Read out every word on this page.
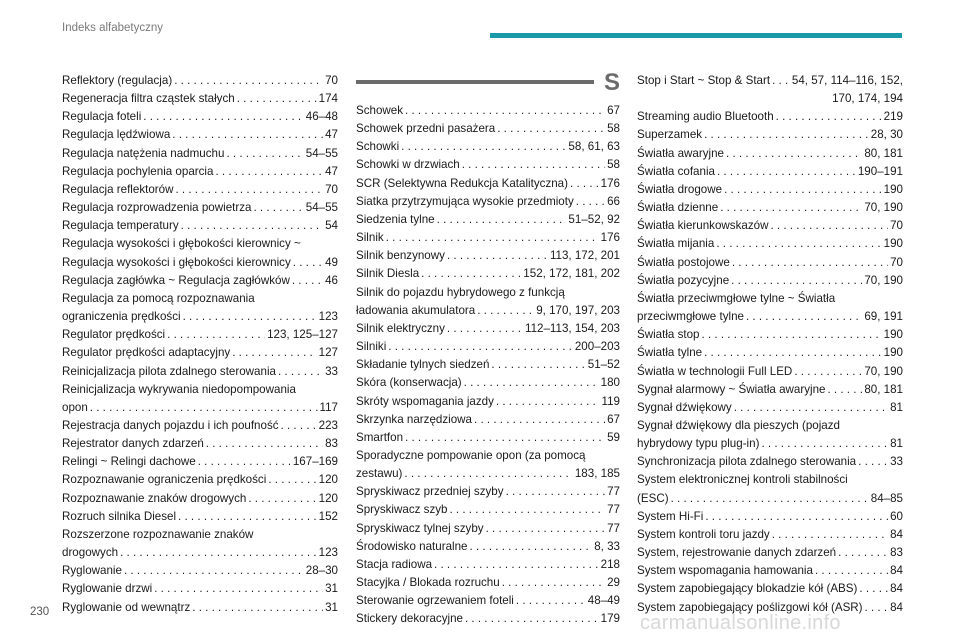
Indeks alfabetyczny
Reflektory (regulacja) . . .	70
Regeneracja filtra cząstek stałych . . .	174
Regulacja foteli . . .	46–48
Regulacja lędźwiowa . . .	47
Regulacja natężenia nadmuchu . . .	54–55
Regulacja pochylenia oparcia . . .	47
Regulacja reflektorów . . .	70
Regulacja rozprowadzenia powietrza . . .	54–55
Regulacja temperatury . . .	54
Regulacja wysokości i głębokości kierownicy ~
Regulacja wysokości i głębokości kierownicy . . .	49
Regulacja zagłówka ~ Regulacja zagłówków . . .	46
Regulacja za pomocą rozpoznawania
ograniczenia prędkości . . .	123
Regulator prędkości . . .	123, 125–127
Regulator prędkości adaptacyjny . . .	127
Reinicjalizacja pilota zdalnego sterowania . . .	33
Reinicjalizacja wykrywania niedopompowania
opon . . .	117
Rejestracja danych pojazdu i ich poufność . . .	223
Rejestrator danych zdarzeń . . .	83
Relingi ~ Relingi dachowe . . .	167–169
Rozpoznawanie ograniczenia prędkości . . .	120
Rozpoznawanie znaków drogowych . . .	120
Rozruch silnika Diesel . . .	152
Rozszerzone rozpoznawanie znaków
drogowych . . .	123
Ryglowanie . . .	28–30
Ryglowanie drzwi . . .	31
Ryglowanie od wewnątrz . . .	31
S
Schowek . . .	67
Schowek przedni pasażera . . .	58
Schowki . . .	58, 61, 63
Schowki w drzwiach . . .	58
SCR (Selektywna Redukcja Katalityczna) . . .	176
Siatka przytrzymująca wysokie przedmioty . . .	66
Siedzenia tylne . . .	51–52, 92
Silnik . . .	176
Silnik benzynowy . . .	113, 172, 201
Silnik Diesla . . .	152, 172, 181, 202
Silnik do pojazdu hybrydowego z funkcją
ładowania akumulatora . . .	9, 170, 197, 203
Silnik elektryczny . . .	112–113, 154, 203
Silniki . . .	200–203
Składanie tylnych siedzeń . . .	51–52
Skóra (konserwacja) . . .	180
Skróty wspomagania jazdy . . .	119
Skrzynka narzędziowa . . .	67
Smartfon . . .	59
Sporadyczne pompowanie opon (za pomocą
zestawu) . . .	183, 185
Spryskiwacz przedniej szyby . . .	77
Spryskiwacz szyb . . .	77
Spryskiwacz tylnej szyby . . .	77
Środowisko naturalne . . .	8, 33
Stacja radiowa . . .	218
Stacyjka / Blokada rozruchu . . .	29
Sterowanie ogrzewaniem foteli . . .	48–49
Stickery dekoracyjne . . .	179
Stop i Start ~ Stop & Start . . . 54, 57, 114–116, 152,
170, 174, 194
Streaming audio Bluetooth . . .	219
Superzamek . . .	28, 30
Światła awaryjne . . .	80, 181
Światła cofania . . .	190–191
Światła drogowe . . .	190
Światła dzienne . . .	70, 190
Światła kierunkowskazów . . .	70
Światła mijania . . .	190
Światła postojowe . . .	70
Światła pozycyjne . . .	70, 190
Światła przeciwmgłowe tylne ~ Światła
przeciwmgłowe tylne . . .	69, 191
Światła stop . . .	190
Światła tylne . . .	190
Światła w technologii Full LED . . .	70, 190
Sygnał alarmowy ~ Światła awaryjne . . .	80, 181
Sygnał dźwiękowy . . .	81
Sygnał dźwiękowy dla pieszych (pojazd
hybrydowy typu plug-in) . . .	81
Synchronizacja pilota zdalnego sterowania . . .	33
System elektronicznej kontroli stabilności
(ESC) . . .	84–85
System Hi-Fi . . .	60
System kontroli toru jazdy . . .	84
System, rejestrowanie danych zdarzeń . . .	83
System wspomagania hamowania . . .	84
System zapobiegający blokadzie kół (ABS) . . .	84
System zapobiegający poślizgowi kół (ASR) . . . 84
230	carmanualsonline.info
